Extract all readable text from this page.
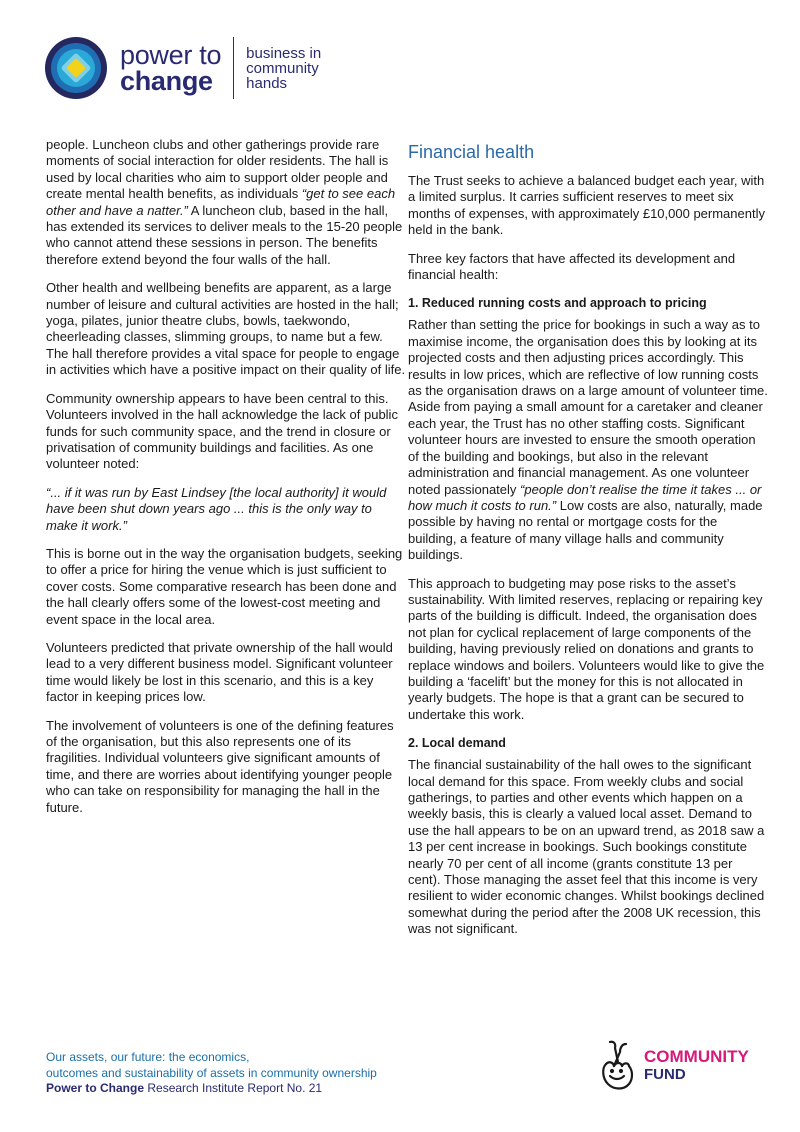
power to
change
business in
community
hands

people. Luncheon clubs and other gatherings provide rare moments of social interaction for older residents. The hall is used by local charities who aim to support older people and create mental health benefits, as individuals “get to see each other and have a natter.” A luncheon club, based in the hall, has extended its services to deliver meals to the 15-20 people who cannot attend these sessions in person. The benefits therefore extend beyond the four walls of the hall.

Other health and wellbeing benefits are apparent, as a large number of leisure and cultural activities are hosted in the hall; yoga, pilates, junior theatre clubs, bowls, taekwondo, cheerleading classes, slimming groups, to name but a few. The hall therefore provides a vital space for people to engage in activities which have a positive impact on their quality of life.

Community ownership appears to have been central to this. Volunteers involved in the hall acknowledge the lack of public funds for such community space, and the trend in closure or privatisation of community buildings and facilities. As one volunteer noted:

“... if it was run by East Lindsey [the local authority] it would have been shut down years ago ... this is the only way to make it work.”

This is borne out in the way the organisation budgets, seeking to offer a price for hiring the venue which is just sufficient to cover costs. Some comparative research has been done and the hall clearly offers some of the lowest-cost meeting and event space in the local area.

Volunteers predicted that private ownership of the hall would lead to a very different business model. Significant volunteer time would likely be lost in this scenario, and this is a key factor in keeping prices low.

The involvement of volunteers is one of the defining features of the organisation, but this also represents one of its fragilities. Individual volunteers give significant amounts of time, and there are worries about identifying younger people who can take on responsibility for managing the hall in the future.

Financial health

The Trust seeks to achieve a balanced budget each year, with a limited surplus. It carries sufficient reserves to meet six months of expenses, with approximately £10,000 permanently held in the bank.

Three key factors that have affected its development and financial health:

1. Reduced running costs and approach to pricing

Rather than setting the price for bookings in such a way as to maximise income, the organisation does this by looking at its projected costs and then adjusting prices accordingly. This results in low prices, which are reflective of low running costs as the organisation draws on a large amount of volunteer time. Aside from paying a small amount for a caretaker and cleaner each year, the Trust has no other staffing costs. Significant volunteer hours are invested to ensure the smooth operation of the building and bookings, but also in the relevant administration and financial management. As one volunteer noted passionately “people don’t realise the time it takes ... or how much it costs to run.” Low costs are also, naturally, made possible by having no rental or mortgage costs for the building, a feature of many village halls and community buildings.

This approach to budgeting may pose risks to the asset’s sustainability. With limited reserves, replacing or repairing key parts of the building is difficult. Indeed, the organisation does not plan for cyclical replacement of large components of the building, having previously relied on donations and grants to replace windows and boilers. Volunteers would like to give the building a ‘facelift’ but the money for this is not allocated in yearly budgets. The hope is that a grant can be secured to undertake this work.

2. Local demand

The financial sustainability of the hall owes to the significant local demand for this space. From weekly clubs and social gatherings, to parties and other events which happen on a weekly basis, this is clearly a valued local asset. Demand to use the hall appears to be on an upward trend, as 2018 saw a 13 per cent increase in bookings. Such bookings constitute nearly 70 per cent of all income (grants constitute 13 per cent). Those managing the asset feel that this income is very resilient to wider economic changes. Whilst bookings declined somewhat during the period after the 2008 UK recession, this was not significant.

Our assets, our future: the economics,
outcomes and sustainability of assets in community ownership
Power to Change Research Institute Report No. 21
COMMUNITY
FUND
